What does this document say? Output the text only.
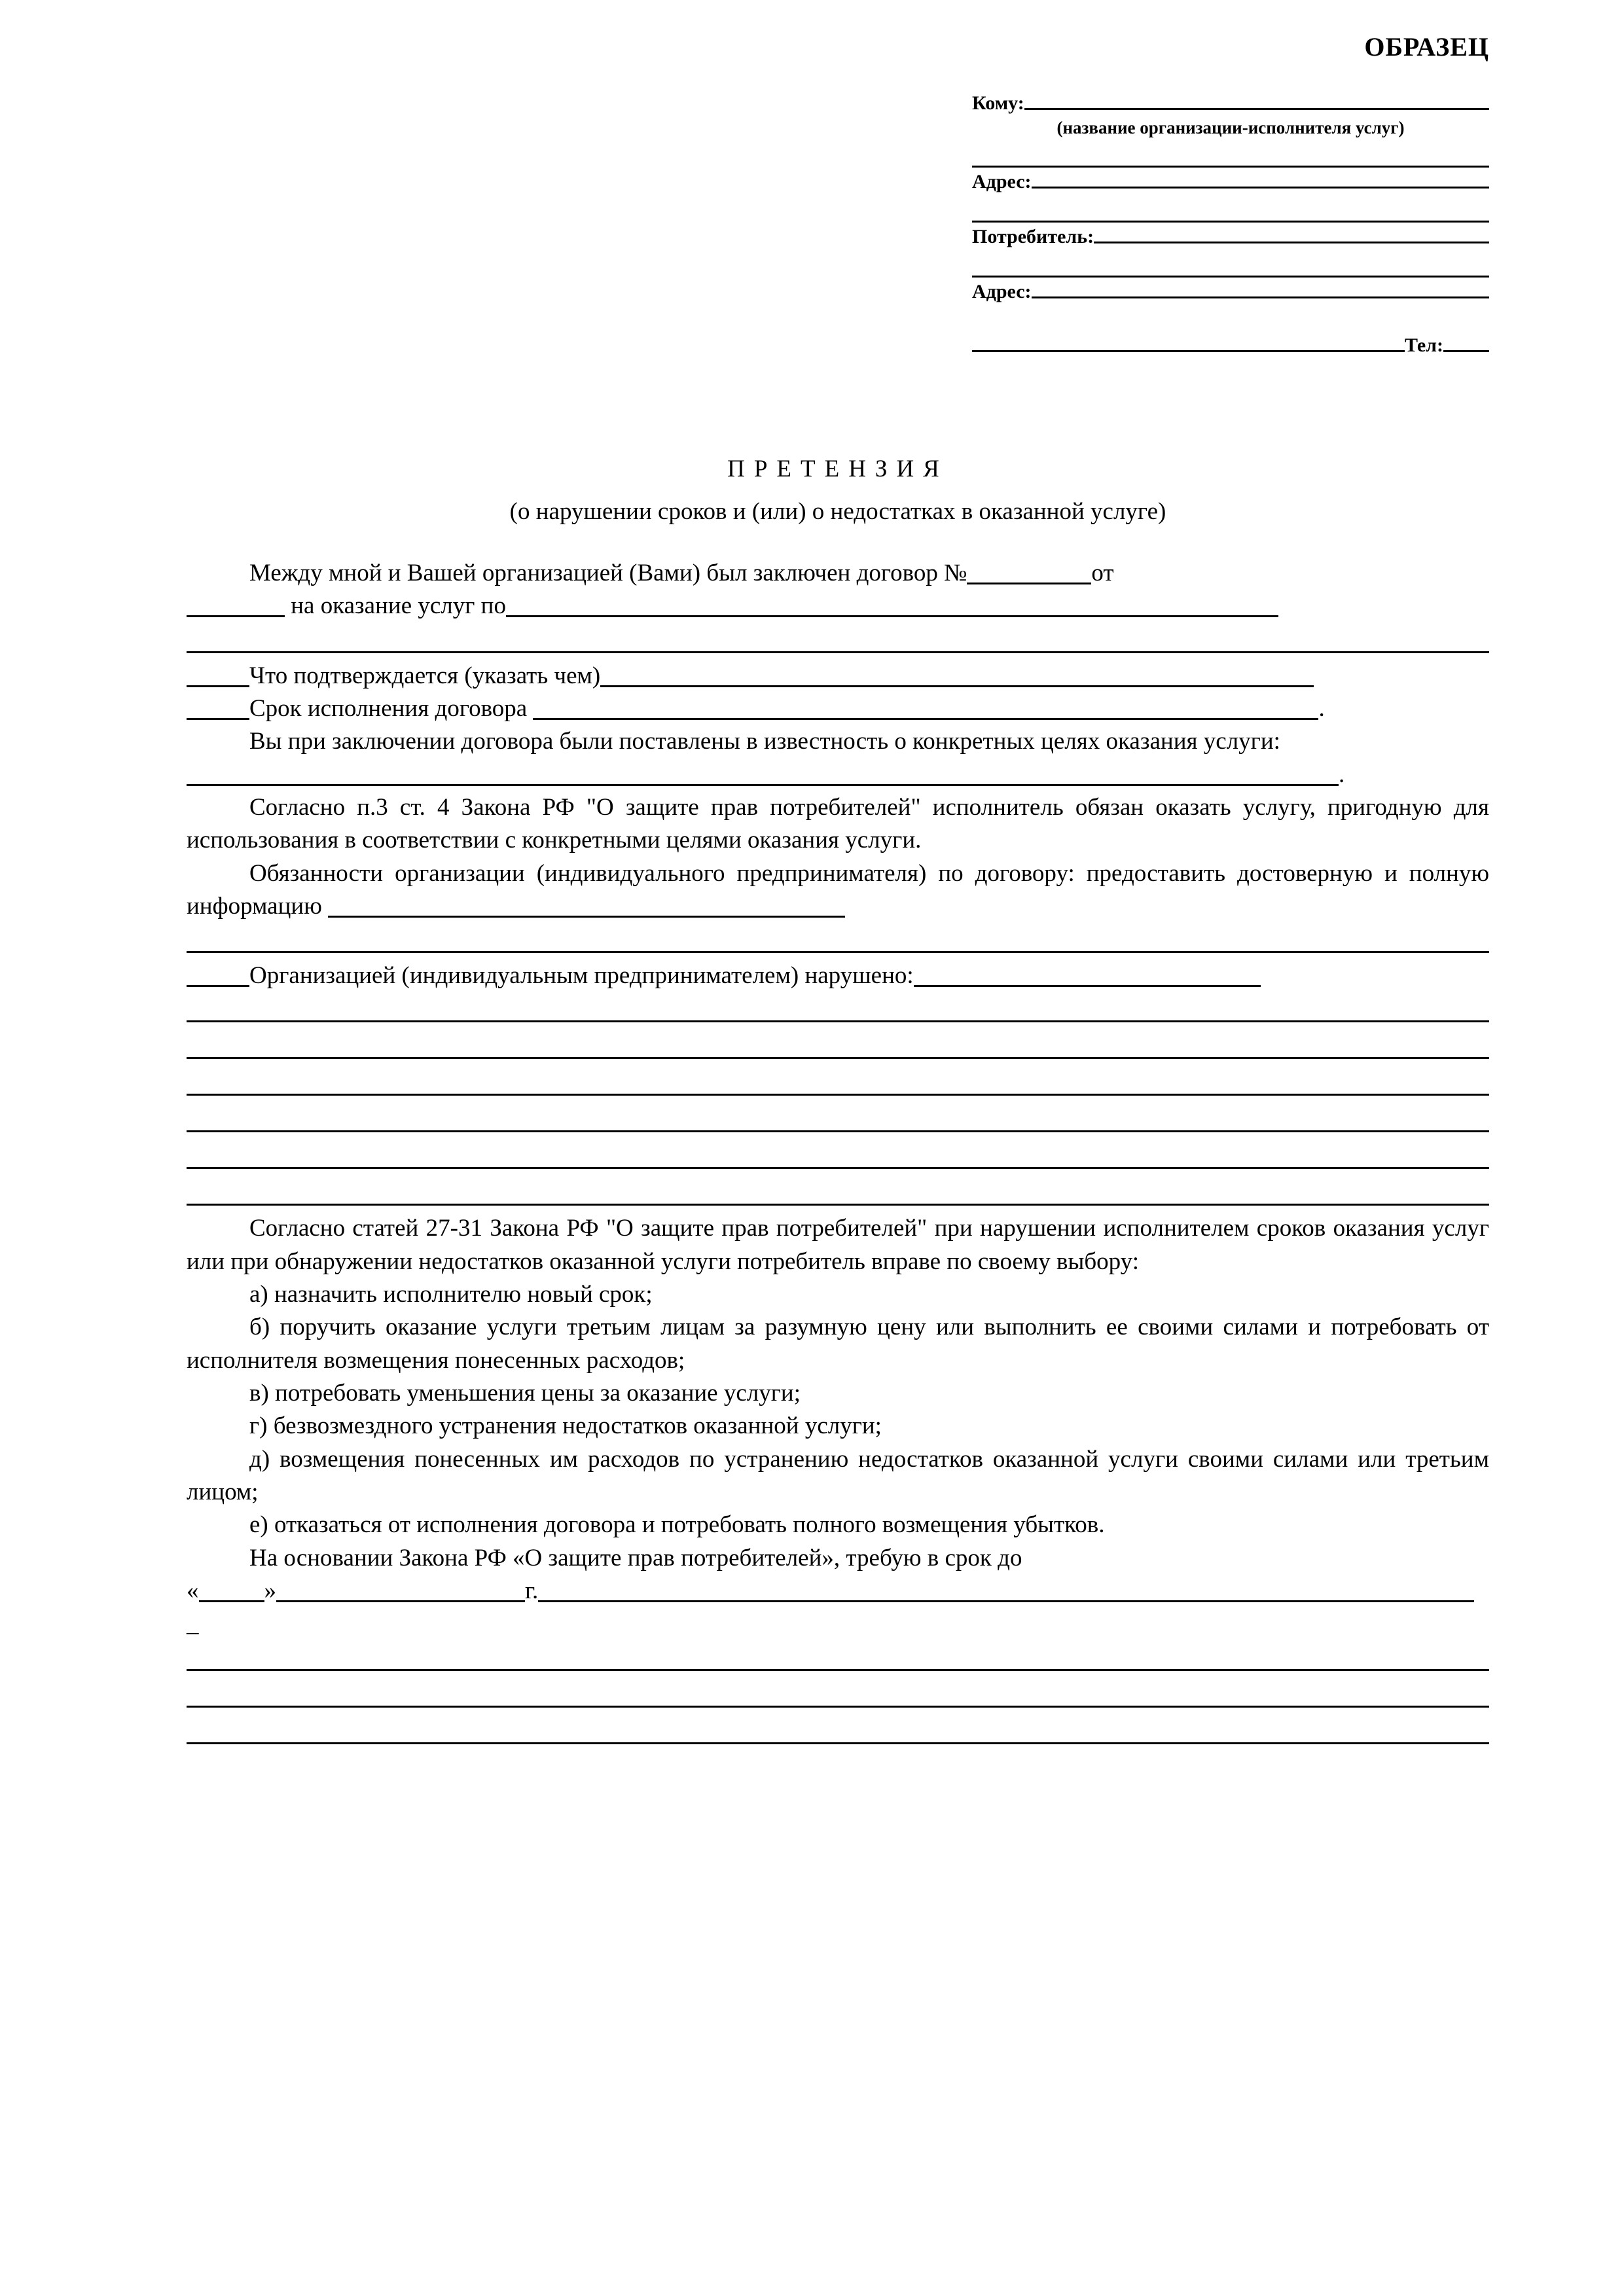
ОБРАЗЕЦ
Кому:
(название организации-исполнителя услуг)
Адрес:
Потребитель:
Адрес:
Тел:
ПРЕТЕНЗИЯ
(о нарушении сроков и (или) о недостатках в оказанной услуге)

Между мной и Вашей организацией (Вами) был заключен договор №	от

на оказание услуг по

Что подтверждается (указать чем)

Срок исполнения договора	.

Вы при заключении договора были поставлены в известность о конкретных целях оказания услуги:

.

Согласно п.3 ст. 4 Закона РФ "О защите прав потребителей" исполнитель обязан оказать услугу, пригодную для использования в соответствии с конкретными целями оказания услуги.

Обязанности организации (индивидуального предпринимателя) по договору: предоставить достоверную и полную информацию

Организацией (индивидуальным предпринимателем) нарушено:

Согласно статей 27-31 Закона РФ "О защите прав потребителей" при нарушении исполнителем сроков оказания услуг или при обнаружении недостатков оказанной услуги потребитель вправе по своему выбору:

а) назначить исполнителю новый срок;

б) поручить оказание услуги третьим лицам за разумную цену или выполнить ее своими силами и потребовать от исполнителя возмещения понесенных расходов;

в) потребовать уменьшения цены за оказание услуги;

г) безвозмездного устранения недостатков оказанной услуги;

д) возмещения понесенных им расходов по устранению недостатков оказанной услуги своими силами или третьим лицом;

е) отказаться от исполнения договора и потребовать полного возмещения убытков.

На основании Закона РФ «О защите прав потребителей», требую в срок до

«	»	г.

_
